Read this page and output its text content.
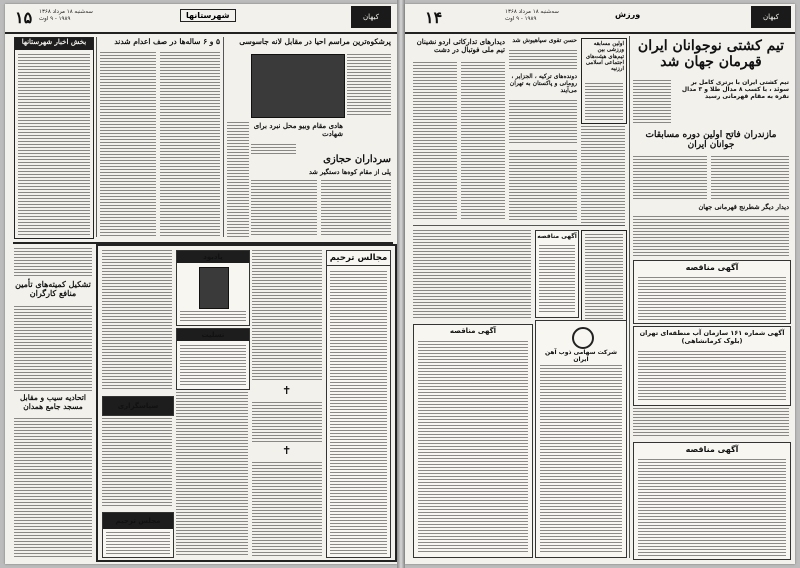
۱۵ سه‌شنبه ۱۸ مرداد ۱۳۶۸
۱۹۸۹ - ۹ اوت	شهرستانها	کیهان
بخش اخبار شهرستانها	۵ و ۶ ساله‌ها در صف اعدام شدند	پرشکوه‌ترین مراسم احیا در مقابل لانه جاسوسی
هادی مقام وبیو محل نبرد برای شهادت
سرداران حجازی
پلی از مقام کوه‌ها دستگیر شد
تشکیل کمیته‌های تأمین منافع کارگران
اتحادیه سیب و مقابل مسجد جامع همدان	سپاسگزاری
مجلس ترحیم
یادبود
تسلیت
✝
✝
مجالس ترحیم
کیهان
ورزش
سه‌شنبه ۱۸ مرداد ۱۳۶۸
۱۹۸۹ - ۹ اوت
۱۴
تیم کشتی نوجوانان ایران قهرمان جهان شد
تیم کشتی ایران با برتری کامل بر سوئد ، با کسب ۸ مدال طلا و ۳ مدال نقره به مقام قهرمانی رسید
مازندران فاتح اولین دوره مسابقات جوانان ایران
دیدار دیگر شطرنج قهرمانی جهان
آگهی مناقصه
آگهی شماره ۱۶۱ سازمان آب منطقه‌ای تهران (بلوک کرمانشاهی)
آگهی مناقصه
اولین مسابقه ورزشی بین تیم‌های هیئت‌های اجتماعی اسلامی ارزنیه
حسن تقوی سپاهیوش شد
دونده‌های ترکیه ، الجزایر ، رومانی و پاکستان به تهران می‌آیند
دیدارهای تدارکاتی اردو نشینان تیم ملی فوتبال در دشت
آگهی مناقصه
شرکت سهامی ذوب آهن ایران
آگهی مناقصه
